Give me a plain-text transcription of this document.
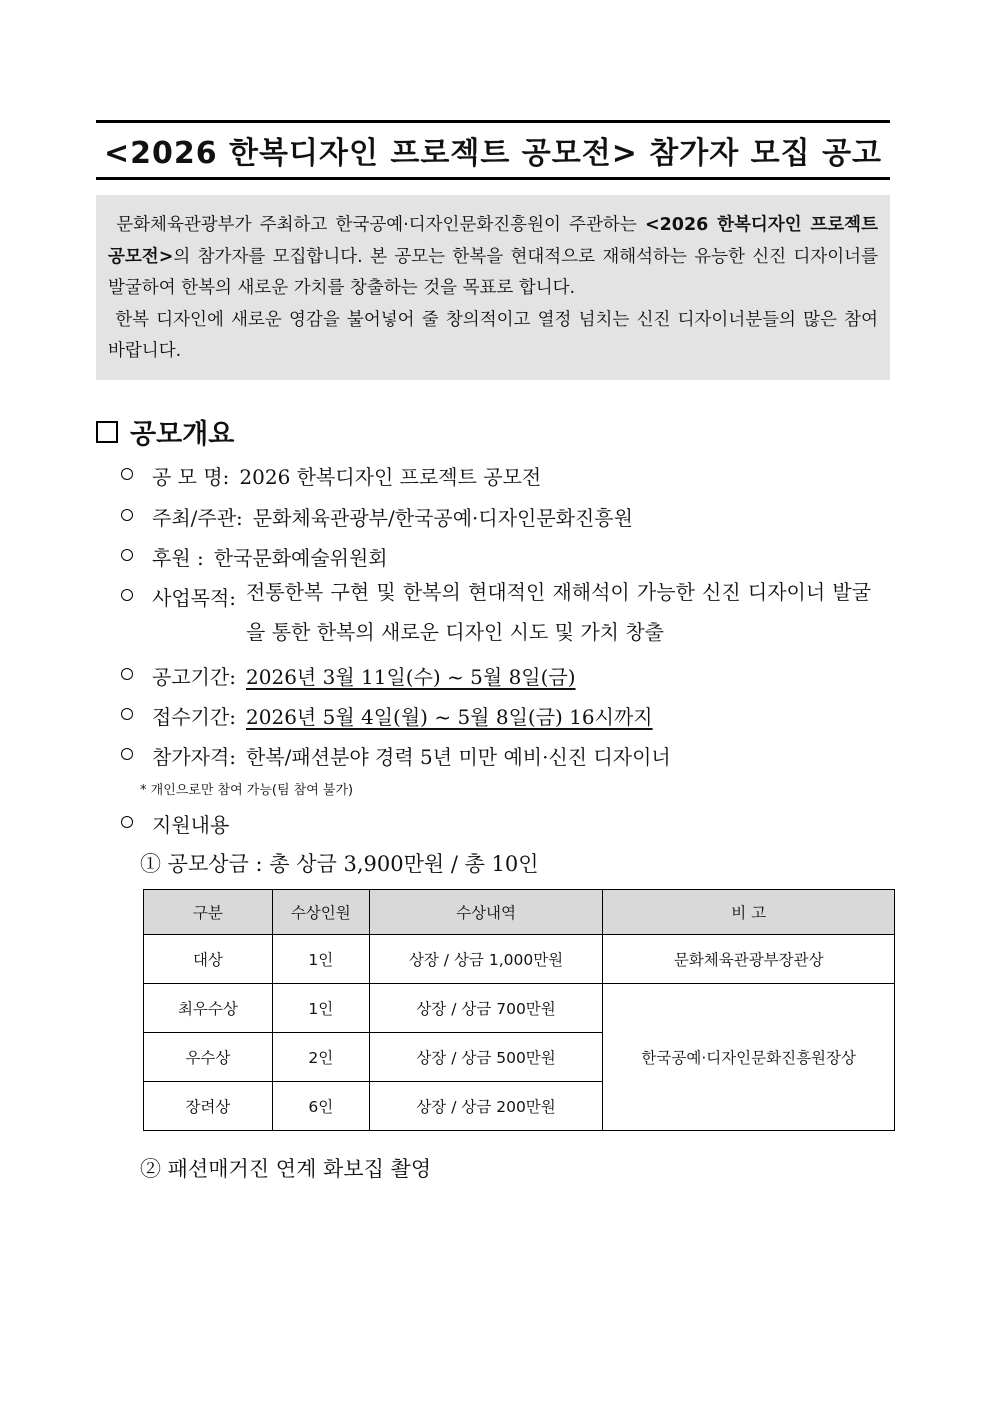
<2026 한복디자인 프로젝트 공모전> 참가자 모집 공고

문화체육관광부가 주최하고 한국공예·디자인문화진흥원이 주관하는 <2026 한복디자인 프로젝트 공모전>의 참가자를 모집합니다. 본 공모는 한복을 현대적으로 재해석하는 유능한 신진 디자이너를 발굴하여 한복의 새로운 가치를 창출하는 것을 목표로 합니다.

한복 디자인에 새로운 영감을 불어넣어 줄 창의적이고 열정 넘치는 신진 디자이너분들의 많은 참여 바랍니다.

공모개요
공 모 명: 2026 한복디자인 프로젝트 공모전
주최/주관: 문화체육관광부/한국공예·디자인문화진흥원
후원 : 한국문화예술위원회
사업목적: 전통한복 구현 및 한복의 현대적인 재해석이 가능한 신진 디자이너 발굴을 통한 한복의 새로운 디자인 시도 및 가치 창출
공고기간: 2026년 3월 11일(수) ~ 5월 8일(금)
접수기간: 2026년 5월 4일(월) ~ 5월 8일(금) 16시까지
참가자격: 한복/패션분야 경력 5년 미만 예비·신진 디자이너
* 개인으로만 참여 가능(팀 참여 불가)
지원내용
① 공모상금 : 총 상금 3,900만원 / 총 10인
구분	수상인원	수상내역	비 고
대상	1인	상장 / 상금 1,000만원	문화체육관광부장관상
최우수상	1인	상장 / 상금 700만원	한국공예·디자인문화진흥원장상
우수상	2인	상장 / 상금 500만원	
장려상	6인	상장 / 상금 200만원	
② 패션매거진 연계 화보집 촬영
